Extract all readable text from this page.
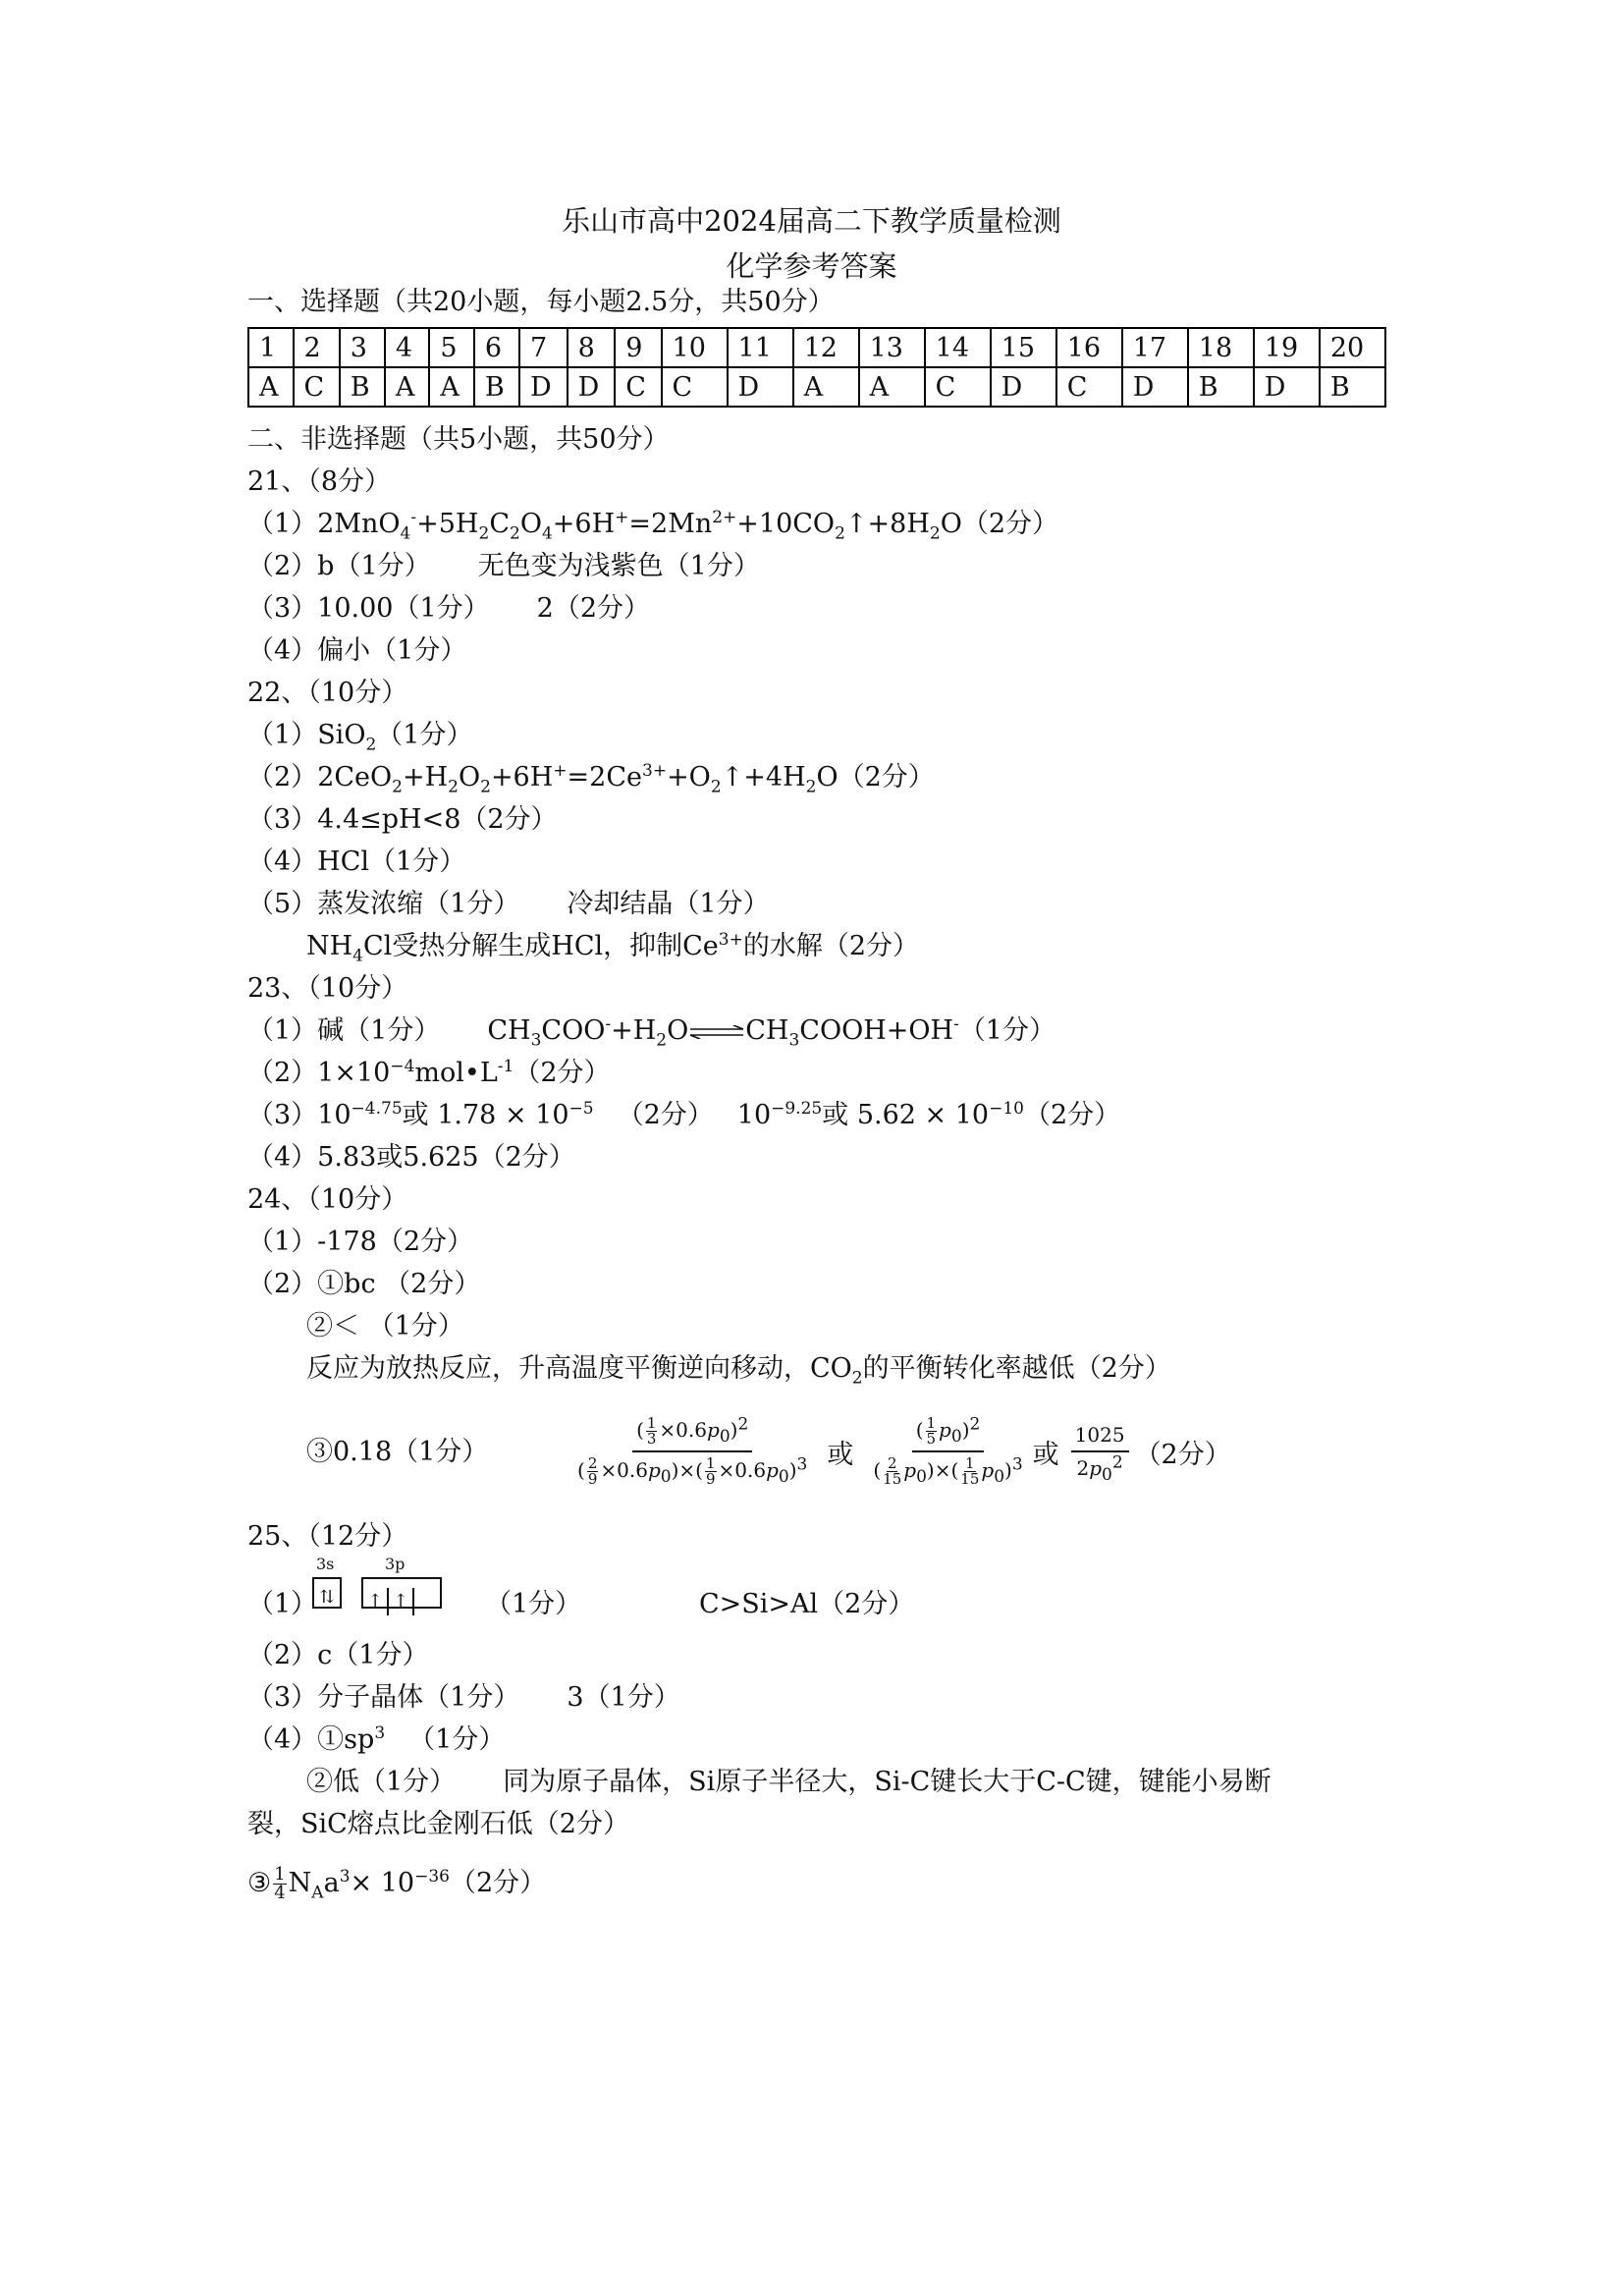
乐山市高中2024届高二下教学质量检测
化学参考答案
一、选择题（共20小题，每小题2.5分，共50分）
1	2	3	4	5	6	7	8	9	10	11	12	13	14	15	16	17	18	19	20
A	C	B	A	A	B	D	D	C	C	D	A	A	C	D	C	D	B	D	B
二、非选择题（共5小题，共50分）
21、（8分）
$(1)2MnO_4^-+5H_2C_2O_4+6H^+=2Mn^{2+}+10CO_2↑+8H_2O(2$分）
（2）b（1分） 无色变为浅紫色（1分）
（3）10.00（1分） 2（2分）
（4）偏小（1分）
22、（10分）
（1）SiO$_2$（1分）
$(2)2CeO_2+H_2O_2+6H^+=2Ce^{3+}+O_2↑+4H_2O(2$分）
（3）4.4≤pH<8（2分）
（4）HCl（1分）
（5）蒸发浓缩（1分） 冷却结晶（1分）
$NH_4Cl$受热分解生成HCl，抑制$Ce^{3+}$的水解（2分）
23、（10分）
（1）碱（1分） $CH_3COO^-+H_2O\rightleftharpoons CH_3COOH+OH^-(1$分）
$(2)1\times 10^{-4}mol•L^{-1}(2$分）
$(3)10^{-4.75}$或 $1.78 \times 10^{-5}$ （2分） $10^{-9.25}$或 $5.62 \times 10^{-10}(2$分）
（4）5.83或5.625（2分）
24、（10分）
（1）-178（2分）
（2）①bc （2分）
②＜ （1分）
反应为放热反应，升高温度平衡逆向移动，$CO_2$的平衡转化率越低（2分）
③0.18（1分）	$\frac{( \frac{1}{3} \times 0.6p_0)^2}{( \frac{2}{9} \times 0.6p_0)\times( \frac{1}{9} \times 0.6p_0)^3}$ 或 $\frac{( \frac{1}{5} p_0)^2}{( \frac{2}{15} p_0)\times( \frac{1}{15} p_0)^3}$ 或 $\frac{1025}{2p_0^2} (2$分）
25、（12分）
（1）
3s	3p
⇅	↑ ↑	（1分）	C>Si>Al（2分）
（2）c（1分）
（3）分子晶体（1分） 3（1分）
$(4)①sp^3$ （1分）
②低（1分） 同为原子晶体，Si原子半径大，Si-C键长大于C-C键，键能小易断
裂，SiC熔点比金刚石低（2分）
③ $\frac{1}{4} N_Aa^3\times 10^{-36}(2$分）
